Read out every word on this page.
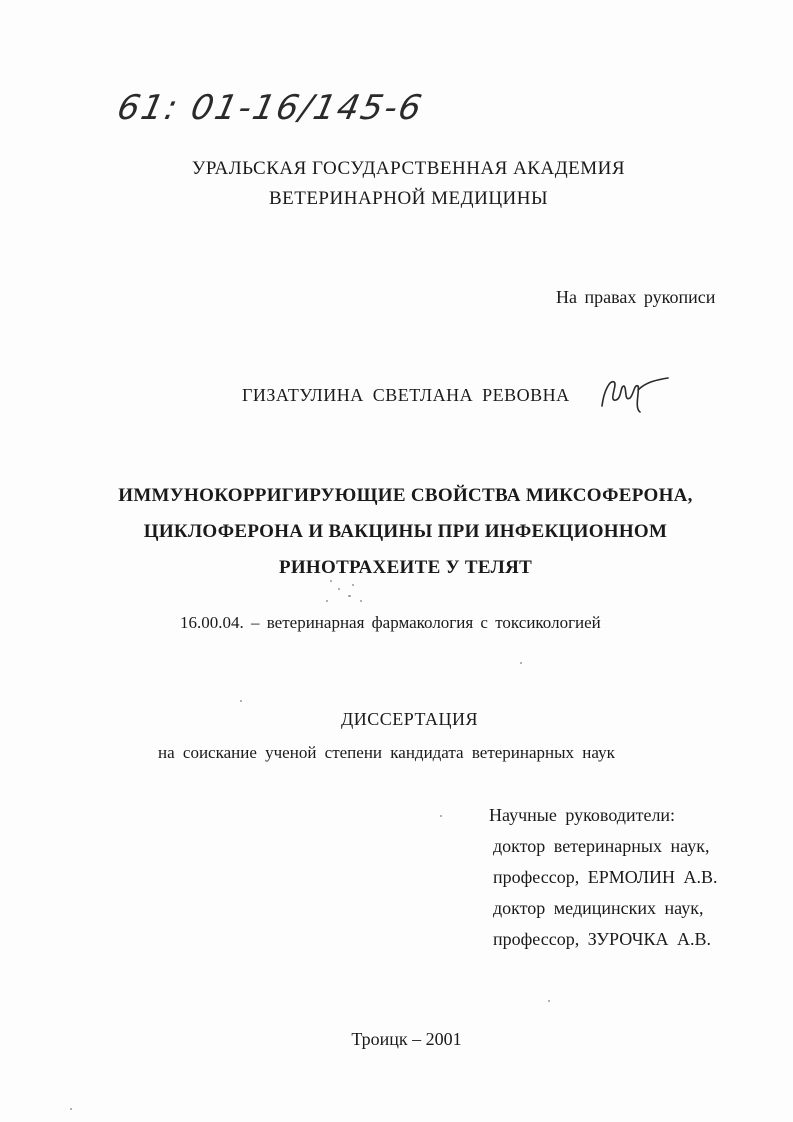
61: 01-16/145-6
УРАЛЬСКАЯ ГОСУДАРСТВЕННАЯ АКАДЕМИЯ
ВЕТЕРИНАРНОЙ МЕДИЦИНЫ
На правах рукописи
ГИЗАТУЛИНА СВЕТЛАНА РЕВОВНА
ИММУНОКОРРИГИРУЮЩИЕ СВОЙСТВА МИКСОФЕРОНА,
ЦИКЛОФЕРОНА И ВАКЦИНЫ ПРИ ИНФЕКЦИОННОМ
РИНОТРАХЕИТЕ У ТЕЛЯТ
16.00.04. – ветеринарная фармакология с токсикологией
ДИССЕРТАЦИЯ
на соискание ученой степени кандидата ветеринарных наук
Научные руководители:
доктор ветеринарных наук,
профессор, ЕРМОЛИН А.В.
доктор медицинских наук,
профессор, ЗУРОЧКА А.В.
Троицк – 2001
